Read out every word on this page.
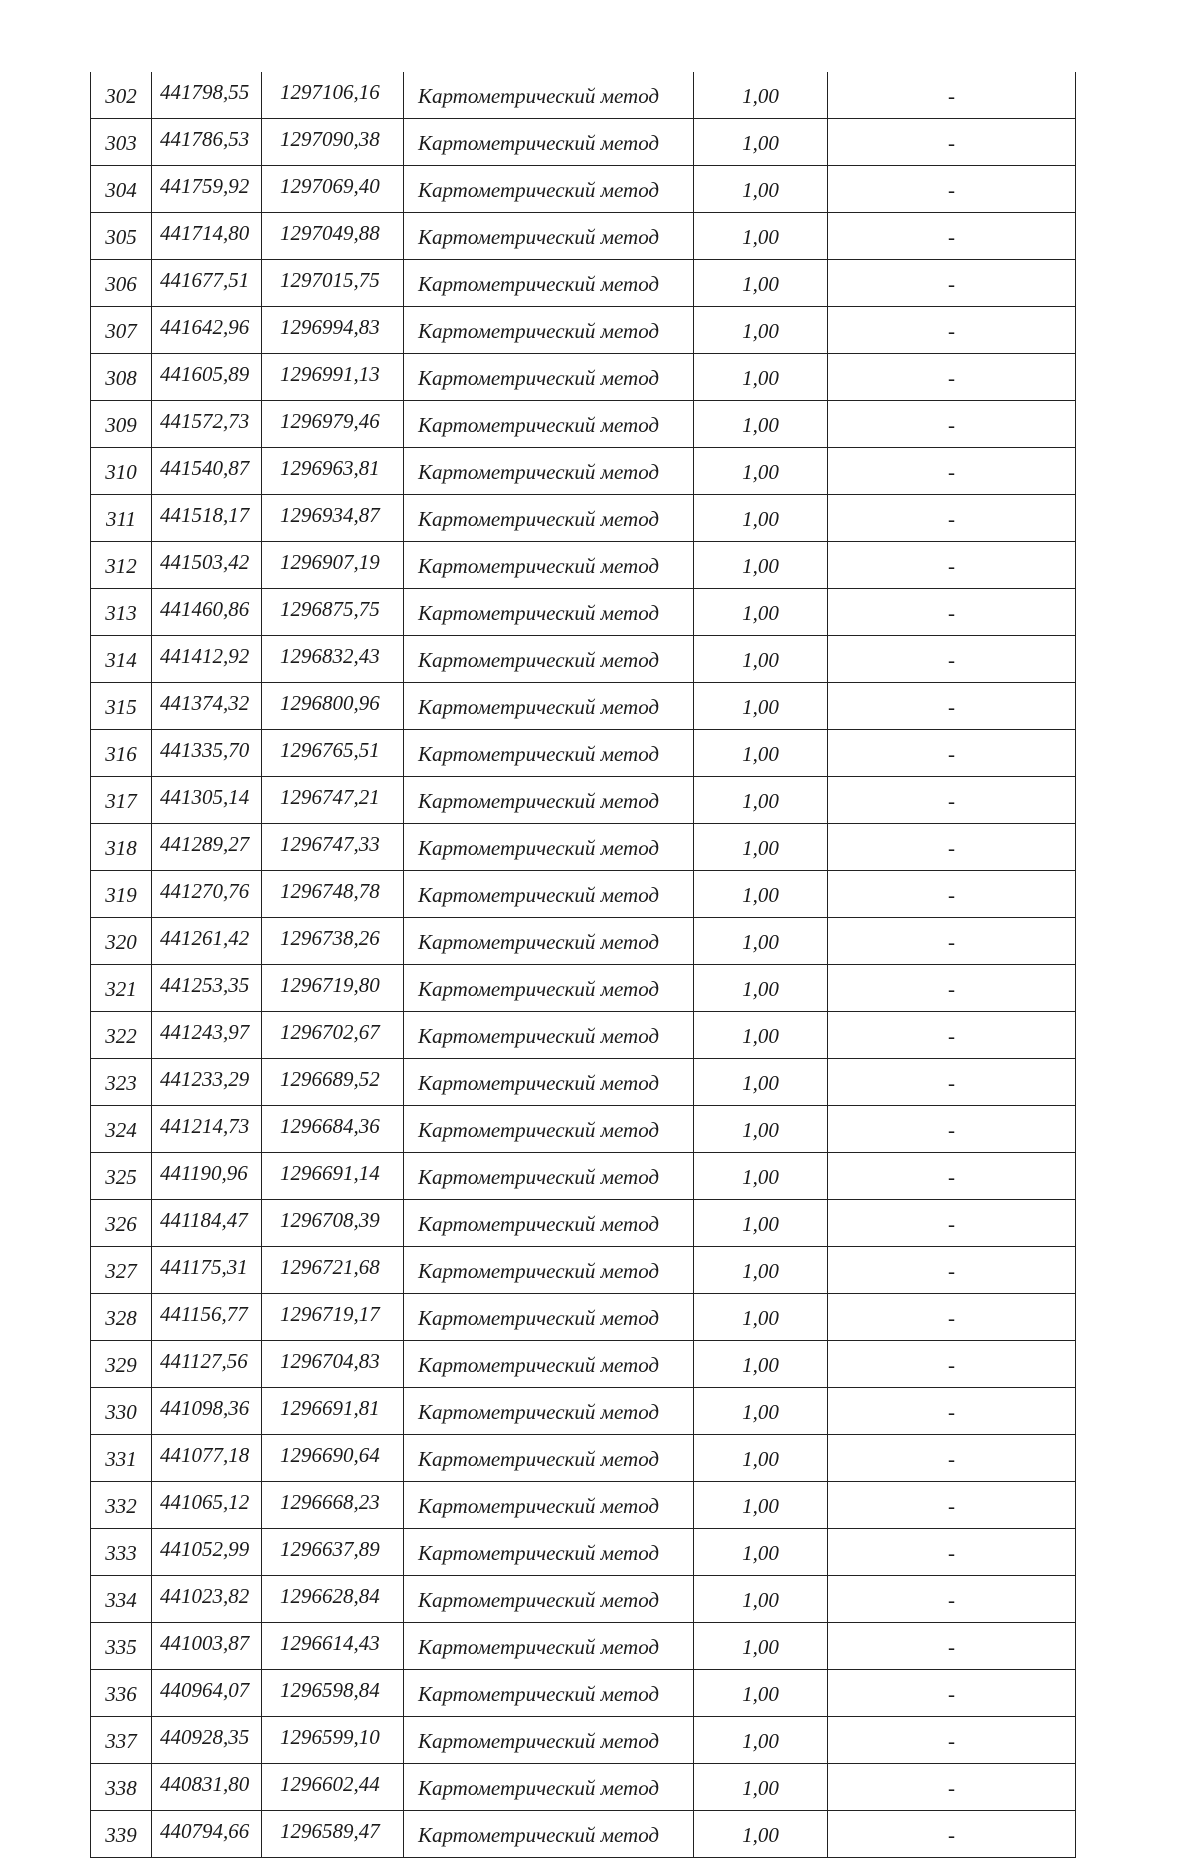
302	441798,55	1297106,16	Картометрический метод	1,00	-
303	441786,53	1297090,38	Картометрический метод	1,00	-
304	441759,92	1297069,40	Картометрический метод	1,00	-
305	441714,80	1297049,88	Картометрический метод	1,00	-
306	441677,51	1297015,75	Картометрический метод	1,00	-
307	441642,96	1296994,83	Картометрический метод	1,00	-
308	441605,89	1296991,13	Картометрический метод	1,00	-
309	441572,73	1296979,46	Картометрический метод	1,00	-
310	441540,87	1296963,81	Картометрический метод	1,00	-
311	441518,17	1296934,87	Картометрический метод	1,00	-
312	441503,42	1296907,19	Картометрический метод	1,00	-
313	441460,86	1296875,75	Картометрический метод	1,00	-
314	441412,92	1296832,43	Картометрический метод	1,00	-
315	441374,32	1296800,96	Картометрический метод	1,00	-
316	441335,70	1296765,51	Картометрический метод	1,00	-
317	441305,14	1296747,21	Картометрический метод	1,00	-
318	441289,27	1296747,33	Картометрический метод	1,00	-
319	441270,76	1296748,78	Картометрический метод	1,00	-
320	441261,42	1296738,26	Картометрический метод	1,00	-
321	441253,35	1296719,80	Картометрический метод	1,00	-
322	441243,97	1296702,67	Картометрический метод	1,00	-
323	441233,29	1296689,52	Картометрический метод	1,00	-
324	441214,73	1296684,36	Картометрический метод	1,00	-
325	441190,96	1296691,14	Картометрический метод	1,00	-
326	441184,47	1296708,39	Картометрический метод	1,00	-
327	441175,31	1296721,68	Картометрический метод	1,00	-
328	441156,77	1296719,17	Картометрический метод	1,00	-
329	441127,56	1296704,83	Картометрический метод	1,00	-
330	441098,36	1296691,81	Картометрический метод	1,00	-
331	441077,18	1296690,64	Картометрический метод	1,00	-
332	441065,12	1296668,23	Картометрический метод	1,00	-
333	441052,99	1296637,89	Картометрический метод	1,00	-
334	441023,82	1296628,84	Картометрический метод	1,00	-
335	441003,87	1296614,43	Картометрический метод	1,00	-
336	440964,07	1296598,84	Картометрический метод	1,00	-
337	440928,35	1296599,10	Картометрический метод	1,00	-
338	440831,80	1296602,44	Картометрический метод	1,00	-
339	440794,66	1296589,47	Картометрический метод	1,00	-
